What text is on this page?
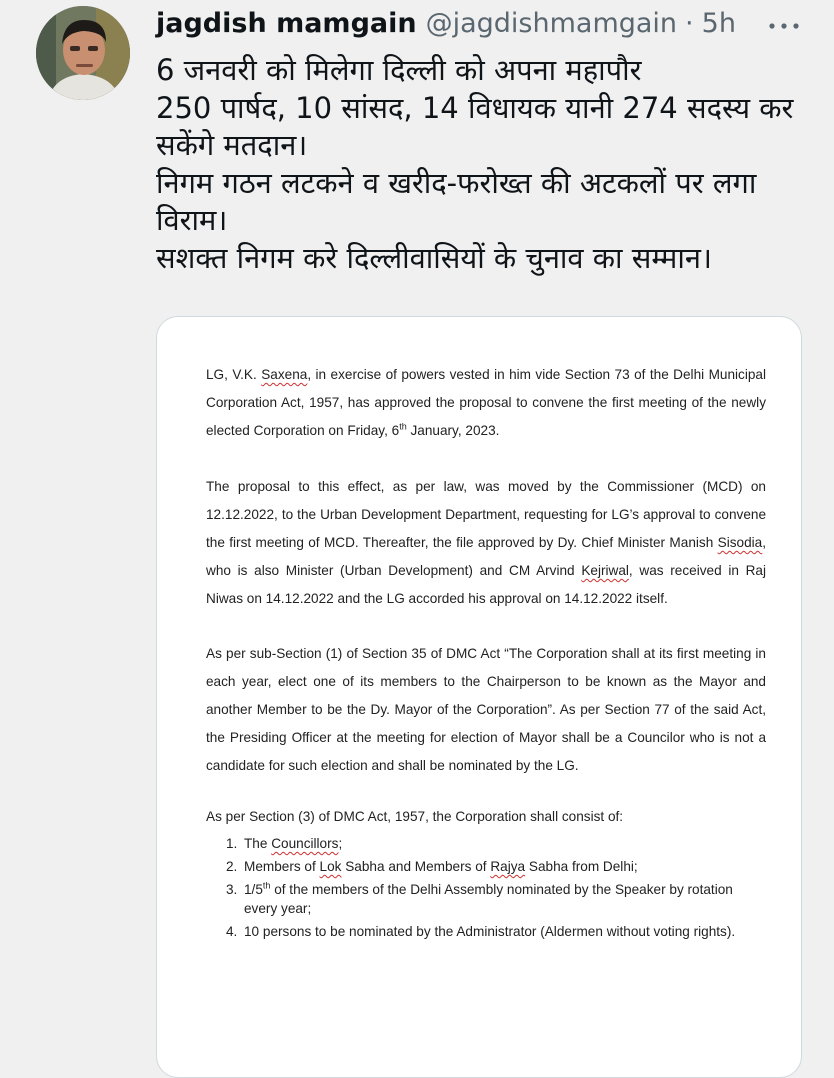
jagdish mamgain @jagdishmamgain · 5h
6 जनवरी को मिलेगा दिल्ली को अपना महापौर
250 पार्षद, 10 सांसद, 14 विधायक यानी 274 सदस्य कर
सकेंगे मतदान।
निगम गठन लटकने व खरीद-फरोख्त की अटकलों पर लगा
विराम।
सशक्त निगम करे दिल्लीवासियों के चुनाव का सम्मान।

LG, V.K. Saxena, in exercise of powers vested in him vide Section 73 of the Delhi Municipal Corporation Act, 1957, has approved the proposal to convene the first meeting of the newly elected Corporation on Friday, 6th January, 2023.

The proposal to this effect, as per law, was moved by the Commissioner (MCD) on 12.12.2022, to the Urban Development Department, requesting for LG’s approval to convene the first meeting of MCD. Thereafter, the file approved by Dy. Chief Minister Manish Sisodia, who is also Minister (Urban Development) and CM Arvind Kejriwal, was received in Raj Niwas on 14.12.2022 and the LG accorded his approval on 14.12.2022 itself.

As per sub-Section (1) of Section 35 of DMC Act “The Corporation shall at its first meeting in each year, elect one of its members to the Chairperson to be known as the Mayor and another Member to be the Dy. Mayor of the Corporation”. As per Section 77 of the said Act, the Presiding Officer at the meeting for election of Mayor shall be a Councilor who is not a candidate for such election and shall be nominated by the LG.

As per Section (3) of DMC Act, 1957, the Corporation shall consist of:

1. The Councillors;
2. Members of Lok Sabha and Members of Rajya Sabha from Delhi;
3. 1/5th of the members of the Delhi Assembly nominated by the Speaker by rotation every year;
4. 10 persons to be nominated by the Administrator (Aldermen without voting rights).
